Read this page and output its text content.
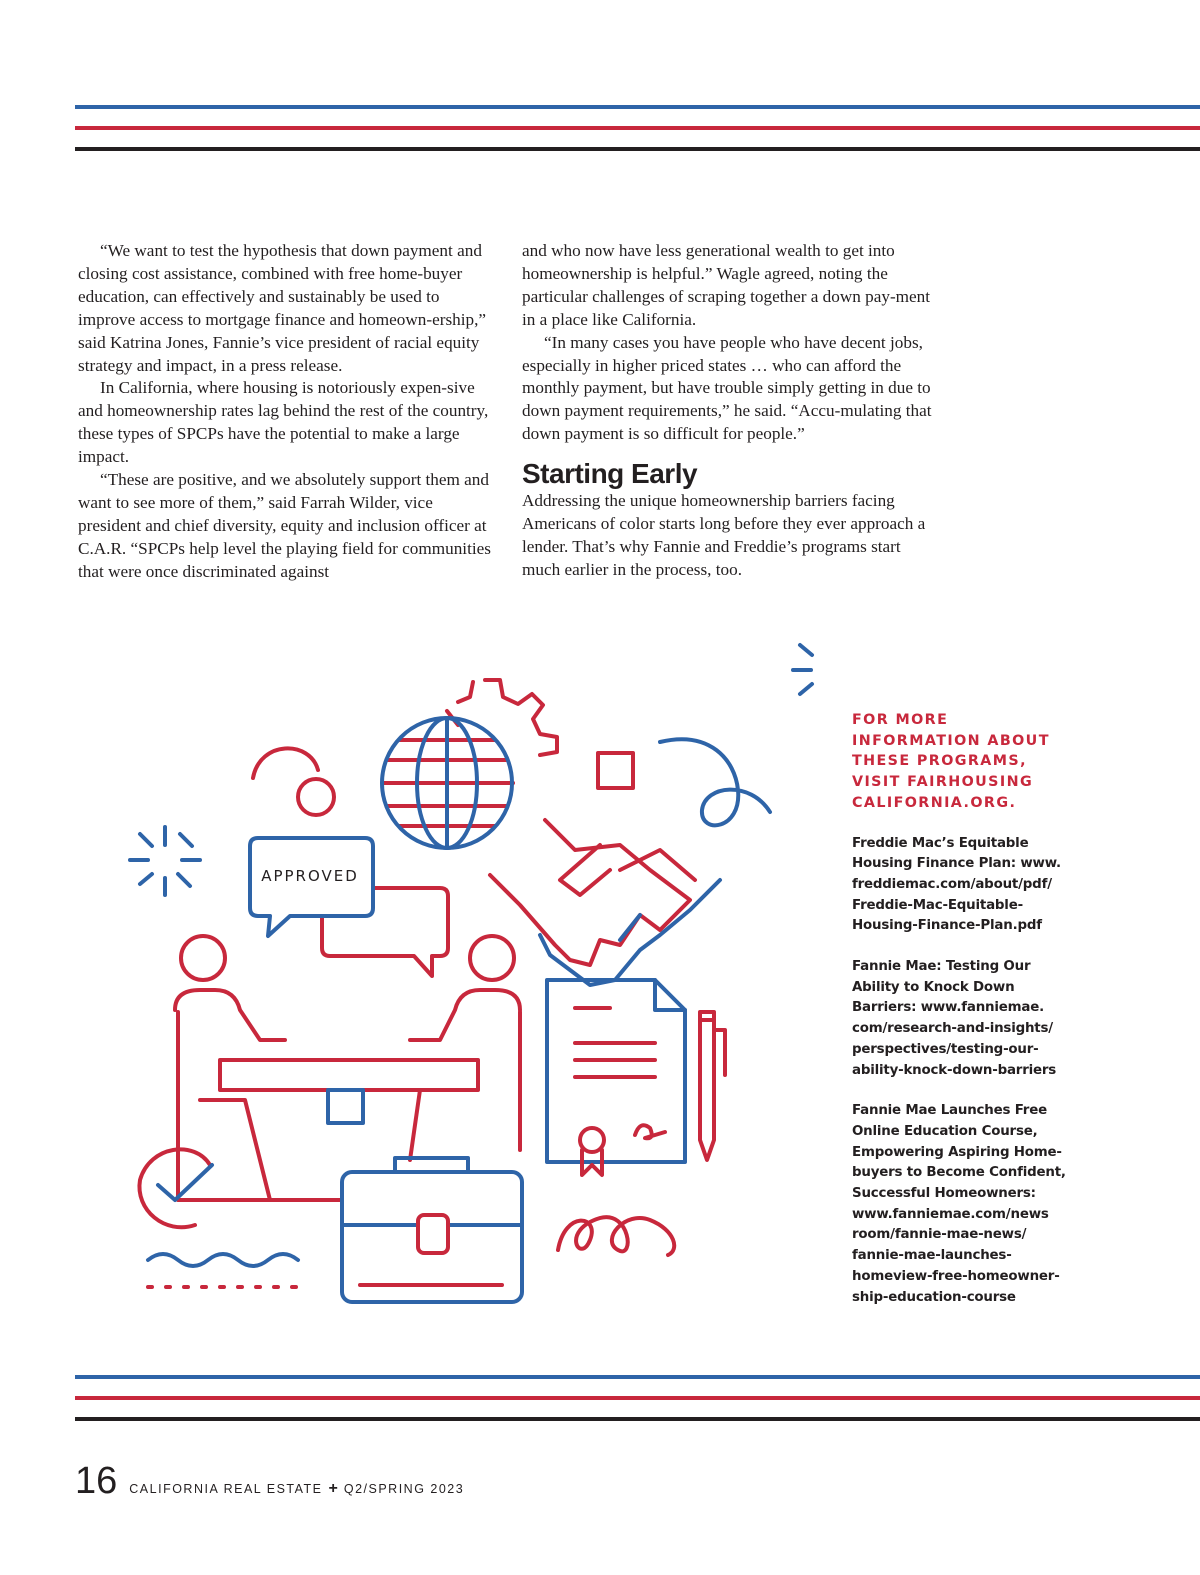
“We want to test the hypothesis that down payment and closing cost assistance, combined with free home-buyer education, can effectively and sustainably be used to improve access to mortgage finance and homeown-ership,” said Katrina Jones, Fannie’s vice president of racial equity strategy and impact, in a press release.

In California, where housing is notoriously expen-sive and homeownership rates lag behind the rest of the country, these types of SPCPs have the potential to make a large impact.

“These are positive, and we absolutely support them and want to see more of them,” said Farrah Wilder, vice president and chief diversity, equity and inclusion officer at C.A.R. “SPCPs help level the playing field for communities that were once discriminated against

and who now have less generational wealth to get into homeownership is helpful.” Wagle agreed, noting the particular challenges of scraping together a down pay-ment in a place like California.

“In many cases you have people who have decent jobs, especially in higher priced states … who can afford the monthly payment, but have trouble simply getting in due to down payment requirements,” he said. “Accu-mulating that down payment is so difficult for people.”

Starting Early

Addressing the unique homeownership barriers facing Americans of color starts long before they ever approach a lender. That’s why Fannie and Freddie’s programs start much earlier in the process, too.

APPROVED

FOR MORE INFORMATION ABOUT THESE PROGRAMS, VISIT FAIRHOUSING CALIFORNIA.ORG.

Freddie Mac’s Equitable
Housing Finance Plan: www.
freddiemac.com/about/pdf/
Freddie-Mac-Equitable-
Housing-Finance-Plan.pdf

Fannie Mae: Testing Our
Ability to Knock Down
Barriers: www.fanniemae.
com/research-and-insights/
perspectives/testing-our-
ability-knock-down-barriers

Fannie Mae Launches Free
Online Education Course,
Empowering Aspiring Home-
buyers to Become Confident,
Successful Homeowners:
www.fanniemae.com/news
room/fannie-mae-news/
fannie-mae-launches-
homeview-free-homeowner-
ship-education-course

16 CALIFORNIA REAL ESTATE + Q2/SPRING 2023
